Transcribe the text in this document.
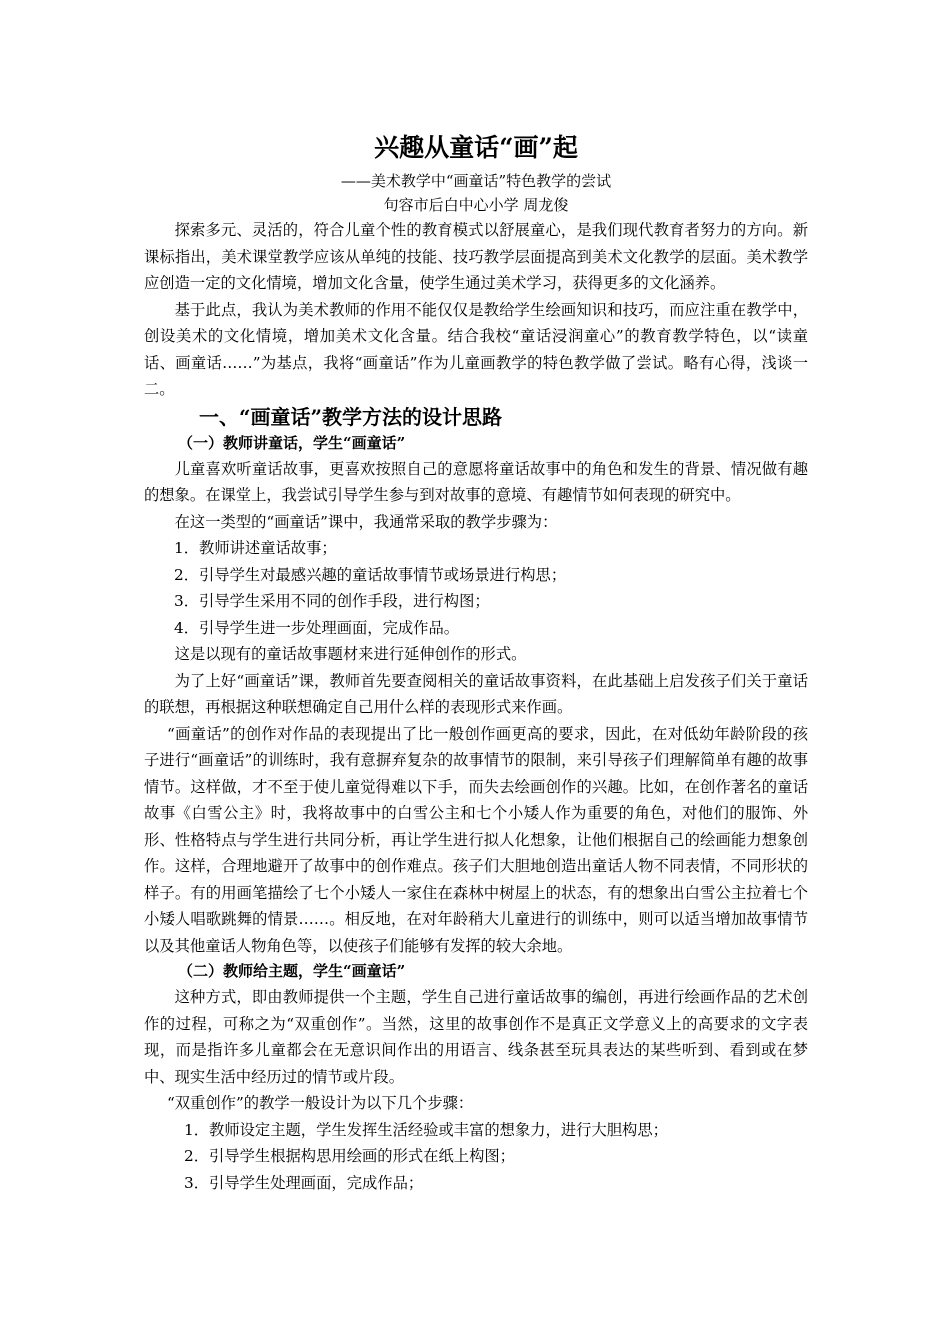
兴趣从童话“画”起

——美术教学中“画童话”特色教学的尝试

句容市后白中心小学 周龙俊

探索多元、灵活的，符合儿童个性的教育模式以舒展童心，是我们现代教育者努力的方向。新课标指出，美术课堂教学应该从单纯的技能、技巧教学层面提高到美术文化教学的层面。美术教学应创造一定的文化情境，增加文化含量，使学生通过美术学习，获得更多的文化涵养。

基于此点，我认为美术教师的作用不能仅仅是教给学生绘画知识和技巧，而应注重在教学中，创设美术的文化情境，增加美术文化含量。结合我校“童话浸润童心”的教育教学特色，以“读童话、画童话……”为基点，我将“画童话”作为儿童画教学的特色教学做了尝试。略有心得，浅谈一二。

一、“画童话”教学方法的设计思路
（一）教师讲童话，学生“画童话”

儿童喜欢听童话故事，更喜欢按照自己的意愿将童话故事中的角色和发生的背景、情况做有趣的想象。在课堂上，我尝试引导学生参与到对故事的意境、有趣情节如何表现的研究中。

在这一类型的“画童话”课中，我通常采取的教学步骤为：

1．教师讲述童话故事；

2．引导学生对最感兴趣的童话故事情节或场景进行构思；

3．引导学生采用不同的创作手段，进行构图；

4．引导学生进一步处理画面，完成作品。

这是以现有的童话故事题材来进行延伸创作的形式。

为了上好“画童话”课，教师首先要查阅相关的童话故事资料，在此基础上启发孩子们关于童话的联想，再根据这种联想确定自己用什么样的表现形式来作画。

“画童话”的创作对作品的表现提出了比一般创作画更高的要求，因此，在对低幼年龄阶段的孩子进行“画童话”的训练时，我有意摒弃复杂的故事情节的限制，来引导孩子们理解简单有趣的故事情节。这样做，才不至于使儿童觉得难以下手，而失去绘画创作的兴趣。比如，在创作著名的童话故事《白雪公主》时，我将故事中的白雪公主和七个小矮人作为重要的角色，对他们的服饰、外形、性格特点与学生进行共同分析，再让学生进行拟人化想象，让他们根据自己的绘画能力想象创作。这样，合理地避开了故事中的创作难点。孩子们大胆地创造出童话人物不同表情，不同形状的样子。有的用画笔描绘了七个小矮人一家住在森林中树屋上的状态，有的想象出白雪公主拉着七个小矮人唱歌跳舞的情景……。相反地，在对年龄稍大儿童进行的训练中，则可以适当增加故事情节以及其他童话人物角色等，以使孩子们能够有发挥的较大余地。

（二）教师给主题，学生“画童话”

这种方式，即由教师提供一个主题，学生自己进行童话故事的编创，再进行绘画作品的艺术创作的过程，可称之为“双重创作”。当然，这里的故事创作不是真正文学意义上的高要求的文字表现，而是指许多儿童都会在无意识间作出的用语言、线条甚至玩具表达的某些听到、看到或在梦中、现实生活中经历过的情节或片段。

“双重创作”的教学一般设计为以下几个步骤：

1．教师设定主题，学生发挥生活经验或丰富的想象力，进行大胆构思；

2．引导学生根据构思用绘画的形式在纸上构图；

3．引导学生处理画面，完成作品；
